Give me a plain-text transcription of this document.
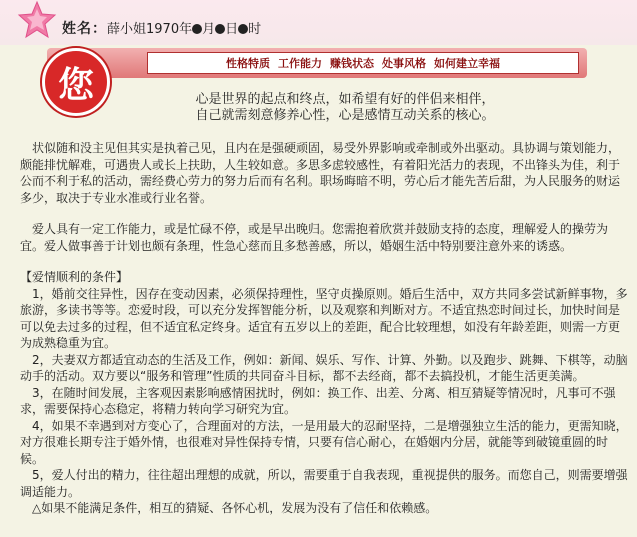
姓名：薛小姐1970年 月 日 时
性格特质 工作能力 赚钱状态 处事风格 如何建立幸福
您	心是世界的起点和终点，如希望有好的伴侣来相伴，
自己就需刻意修养心性，心是感情互动关系的核心。

　状似随和没主见但其实是执着己见，且内在是强硬顽固，易受外界影响或牵制或外出驱动。具协调与策划能力，颇能排忧解难，可遇贵人或长上扶助，人生较如意。多思多虑较感性，有着阳光活力的表现，不出锋头为佳，利于公而不利于私的活动，需经费心劳力的努力后而有名利。职场晦暗不明，劳心后才能先苦后甜，为人民服务的财运多少，取决于专业水准或行业名誉。

　爱人具有一定工作能力，或是忙碌不停，或是早出晚归。您需抱着欣赏并鼓励支持的态度，理解爱人的操劳为宜。爱人做事善于计划也颇有条理，性急心慈而且多愁善感，所以，婚姻生活中特别要注意外来的诱惑。

【爱情顺利的条件】

　1，婚前交往异性，因存在变动因素，必须保持理性，坚守贞操原则。婚后生活中，双方共同多尝试新鲜事物，多旅游，多读书等等。恋爱时段，可以充分发挥智能分析，以及观察和判断对方。不适宜热恋时间过长，加快时间是可以免去过多的过程，但不适宜私定终身。适宜有五岁以上的差距，配合比较理想，如没有年龄差距，则需一方更为成熟稳重为宜。

　2，夫妻双方都适宜动态的生活及工作，例如：新闻、娱乐、写作、计算、外勤。以及跑步、跳舞、下棋等，动脑动手的活动。双方要以“服务和管理”性质的共同奋斗目标，都不去经商，都不去搞投机，才能生活更美满。

　3，在随时间发展，主客观因素影响感情困扰时，例如：换工作、出差、分离、相互猜疑等情况时，凡事可不强求，需要保持心态稳定，将精力转向学习研究为宜。

　4，如果不幸遇到对方变心了，合理面对的方法，一是用最大的忍耐坚持，二是增强独立生活的能力，更需知晓，对方很难长期专注于婚外情，也很难对异性保持专情，只要有信心耐心，在婚姻内分居，就能等到破镜重圆的时候。

　5，爱人付出的精力，往往超出理想的成就，所以，需要重于自我表现，重视提供的服务。而您自己，则需要增强调适能力。

　△如果不能满足条件，相互的猜疑、各怀心机，发展为没有了信任和依赖感。
